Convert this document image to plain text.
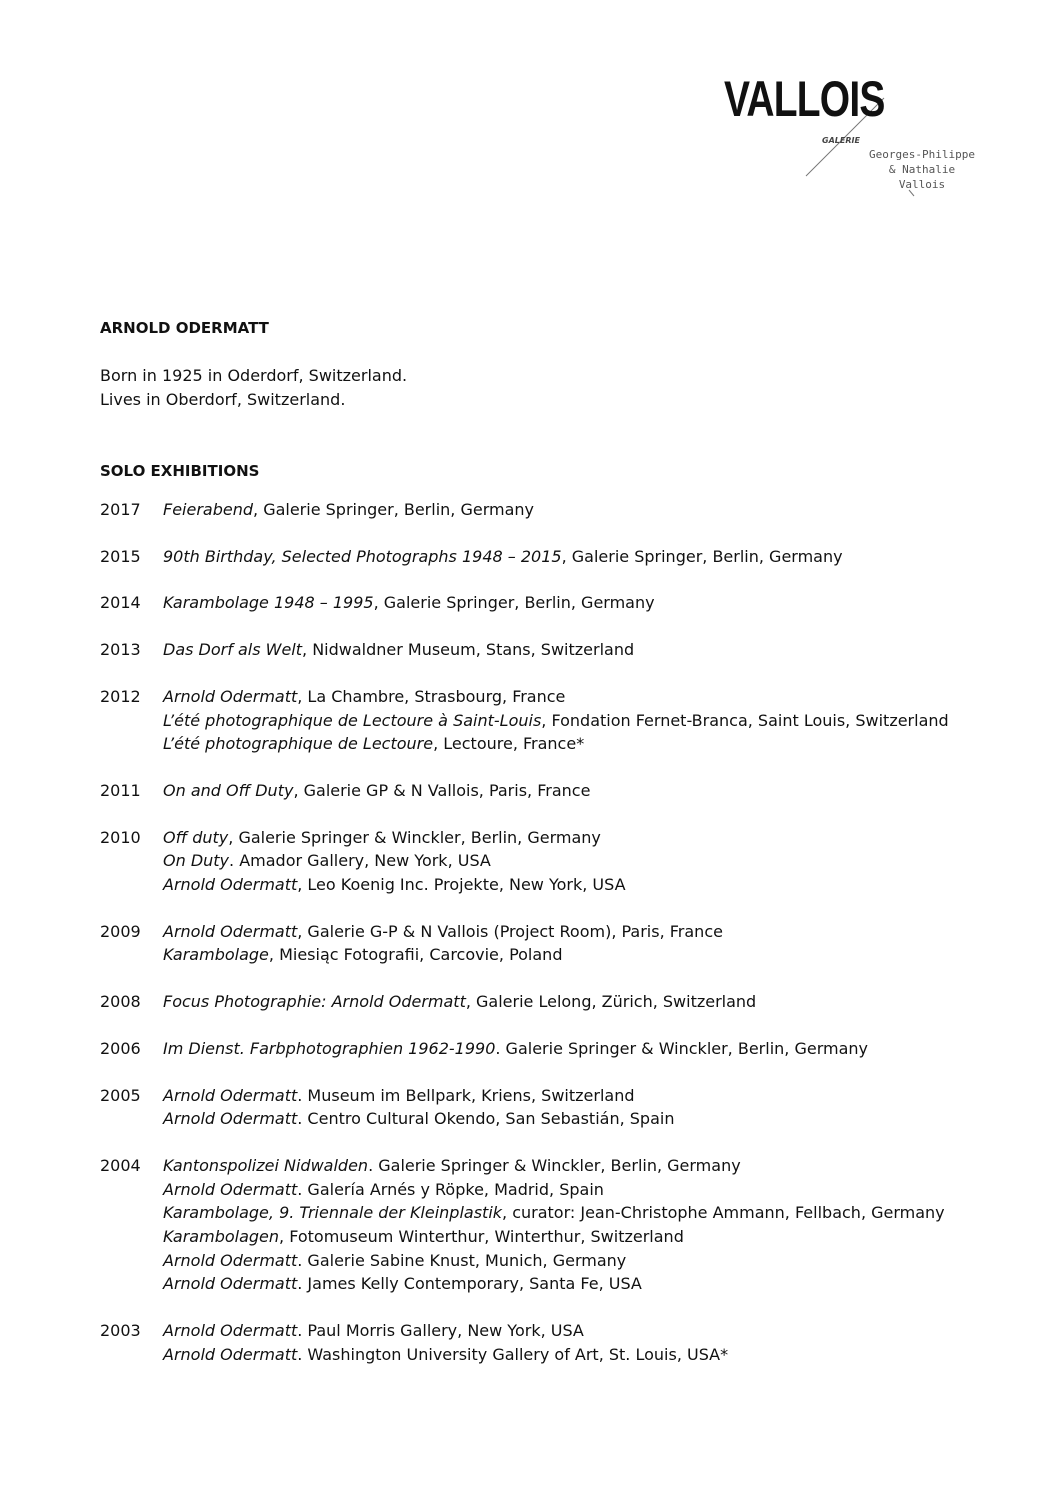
VALLOIS
GALERIE
Georges-Philippe
& Nathalie
Vallois
ARNOLD ODERMATT
Born in 1925 in Oderdorf, Switzerland.
Lives in Oberdorf, Switzerland.
SOLO EXHIBITIONS
2017	Feierabend, Galerie Springer, Berlin, Germany
2015	90th Birthday, Selected Photographs 1948 – 2015, Galerie Springer, Berlin, Germany
2014	Karambolage 1948 – 1995, Galerie Springer, Berlin, Germany
2013	Das Dorf als Welt, Nidwaldner Museum, Stans, Switzerland
2012	Arnold Odermatt, La Chambre, Strasbourg, France
L’été photographique de Lectoure à Saint-Louis, Fondation Fernet-Branca, Saint Louis, Switzerland
L’été photographique de Lectoure, Lectoure, France*
2011	On and Off Duty, Galerie GP & N Vallois, Paris, France
2010	Off duty, Galerie Springer & Winckler, Berlin, Germany
On Duty. Amador Gallery, New York, USA
Arnold Odermatt, Leo Koenig Inc. Projekte, New York, USA
2009	Arnold Odermatt, Galerie G-P & N Vallois (Project Room), Paris, France
Karambolage, Miesiąc Fotografii, Carcovie, Poland
2008	Focus Photographie: Arnold Odermatt, Galerie Lelong, Zürich, Switzerland
2006	Im Dienst. Farbphotographien 1962-1990. Galerie Springer & Winckler, Berlin, Germany
2005	Arnold Odermatt. Museum im Bellpark, Kriens, Switzerland
Arnold Odermatt. Centro Cultural Okendo, San Sebastián, Spain
2004	Kantonspolizei Nidwalden. Galerie Springer & Winckler, Berlin, Germany
Arnold Odermatt. Galería Arnés y Röpke, Madrid, Spain
Karambolage, 9. Triennale der Kleinplastik, curator: Jean-Christophe Ammann, Fellbach, Germany
Karambolagen, Fotomuseum Winterthur, Winterthur, Switzerland
Arnold Odermatt. Galerie Sabine Knust, Munich, Germany
Arnold Odermatt. James Kelly Contemporary, Santa Fe, USA
2003	Arnold Odermatt. Paul Morris Gallery, New York, USA
Arnold Odermatt. Washington University Gallery of Art, St. Louis, USA*
